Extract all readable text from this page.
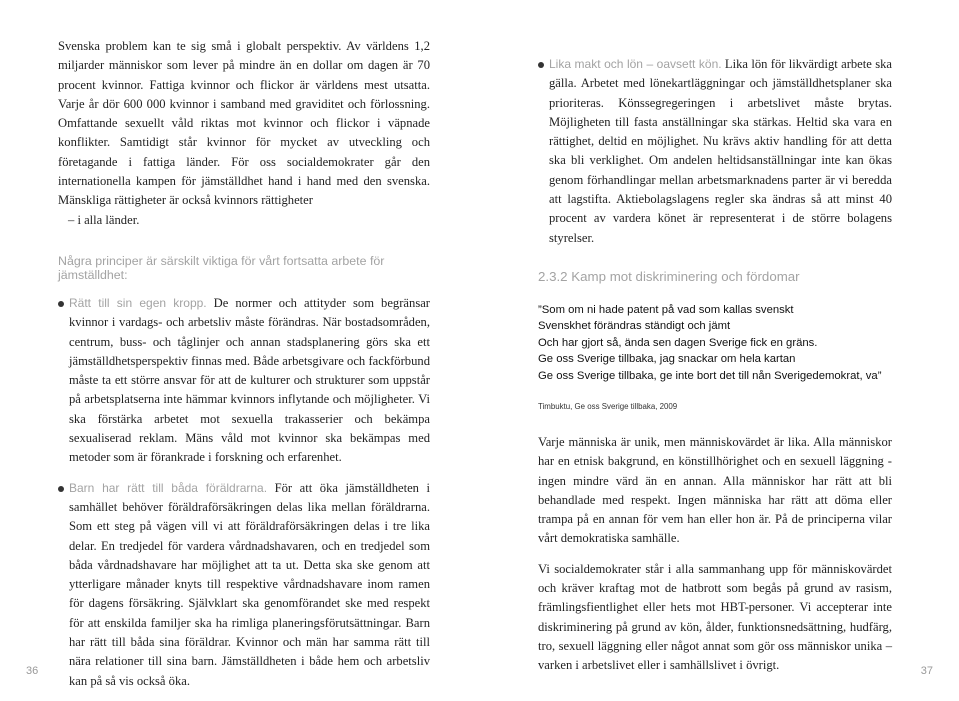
Svenska problem kan te sig små i globalt perspektiv. Av världens 1,2 miljarder människor som lever på mindre än en dollar om dagen är 70 procent kvinnor. Fattiga kvinnor och flickor är världens mest utsatta. Varje år dör 600 000 kvinnor i samband med graviditet och förlossning. Omfattande sexuellt våld riktas mot kvinnor och flickor i väpnade konflikter. Samtidigt står kvinnor för mycket av utveckling och företagande i fattiga länder. För oss socialdemokrater går den internationella kampen för jämställdhet hand i hand med den svenska. Mänskliga rättigheter är också kvinnors rättigheter
– i alla länder.

Några principer är särskilt viktiga för vårt fortsatta arbete för jämställdhet:

Rätt till sin egen kropp. De normer och attityder som begränsar kvinnor i vardags- och arbetsliv måste förändras. När bostadsområden, centrum, buss- och tåglinjer och annan stadsplanering görs ska ett jämställdhetsperspektiv finnas med. Både arbetsgivare och fackförbund måste ta ett större ansvar för att de kulturer och strukturer som uppstår på arbetsplatserna inte hämmar kvinnors inflytande och möjligheter. Vi ska förstärka arbetet mot sexuella trakasserier och bekämpa sexualiserad reklam. Mäns våld mot kvinnor ska bekämpas med metoder som är förankrade i forskning och erfarenhet.

Barn har rätt till båda föräldrarna. För att öka jämställdheten i samhället behöver föräldraförsäkringen delas lika mellan föräldrarna. Som ett steg på vägen vill vi att föräldraförsäkringen delas i tre lika delar. En tredjedel för vardera vårdnadshavaren, och en tredjedel som båda vårdnadshavare har möjlighet att ta ut. Detta ska ske genom att ytterligare månader knyts till respektive vårdnadshavare inom ramen för dagens försäkring. Självklart ska genomförandet ske med respekt för att enskilda familjer ska ha rimliga planeringsförutsättningar. Barn har rätt till båda sina föräldrar. Kvinnor och män har samma rätt till nära relationer till sina barn. Jämställdheten i både hem och arbetsliv kan på så vis också öka.

36

Lika makt och lön – oavsett kön. Lika lön för likvärdigt arbete ska gälla. Arbetet med lönekartläggningar och jämställdhetsplaner ska prioriteras. Könssegregeringen i arbetslivet måste brytas. Möjligheten till fasta anställningar ska stärkas. Heltid ska vara en rättighet, deltid en möjlighet. Nu krävs aktiv handling för att detta ska bli verklighet. Om andelen heltidsanställningar inte kan ökas genom förhandlingar mellan arbetsmarknadens parter är vi beredda att lagstifta. Aktiebolagslagens regler ska ändras så att minst 40 procent av vardera könet är representerat i de större bolagens styrelser.

2.3.2 Kamp mot diskriminering och fördomar
”Som om ni hade patent på vad som kallas svenskt
Svenskhet förändras ständigt och jämt
Och har gjort så, ända sen dagen Sverige fick en gräns.
Ge oss Sverige tillbaka, jag snackar om hela kartan
Ge oss Sverige tillbaka, ge inte bort det till nån Sverigedemokrat, va”
Timbuktu, Ge oss Sverige tillbaka, 2009

Varje människa är unik, men människovärdet är lika. Alla människor har en etnisk bakgrund, en könstillhörighet och en sexuell läggning - ingen mindre värd än en annan. Alla människor har rätt att bli behandlade med respekt. Ingen människa har rätt att döma eller trampa på en annan för vem han eller hon är. På de principerna vilar vårt demokratiska samhälle.

Vi socialdemokrater står i alla sammanhang upp för människovärdet och kräver kraftag mot de hatbrott som begås på grund av rasism, främlingsfientlighet eller hets mot HBT-personer. Vi accepterar inte diskriminering på grund av kön, ålder, funktionsnedsättning, hudfärg, tro, sexuell läggning eller något annat som gör oss människor unika – varken i arbetslivet eller i samhällslivet i övrigt.	37
